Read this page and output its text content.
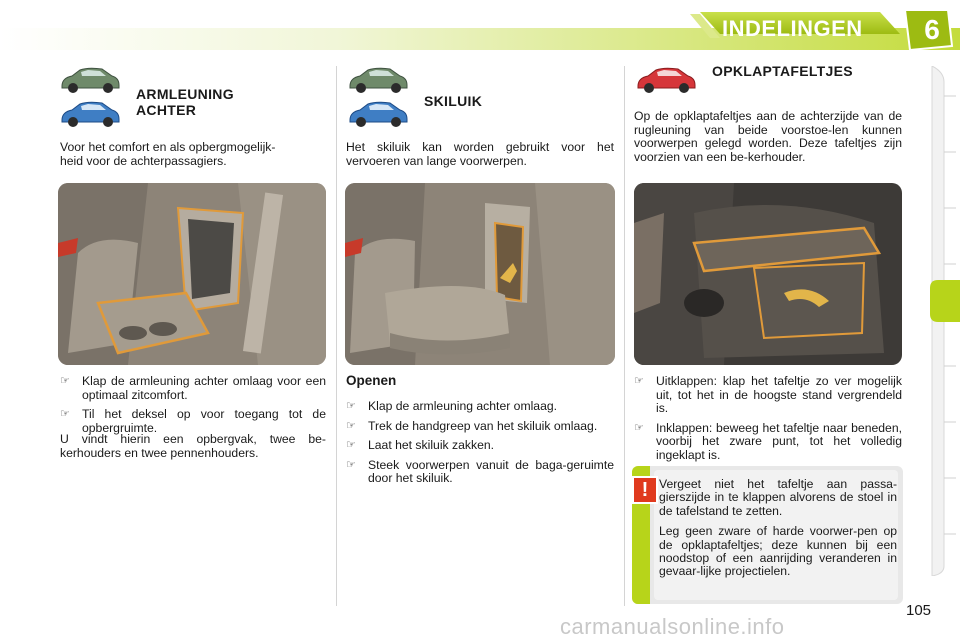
INDELINGEN	6
ARMLEUNING
ACHTER

Voor het comfort en als opbergmogelijk-

heid voor de achterpassagiers.

☞ Klap de armleuning achter omlaag voor een optimaal zitcomfort.
☞ Til het deksel op voor toegang tot de opbergruimte.
U vindt hierin een opbergvak, twee be-kerhouders en twee pennenhouders.
SKILUIK
Het skiluik kan worden gebruikt voor het vervoeren van lange voorwerpen.
Openen
☞ Klap de armleuning achter omlaag.
☞ Trek de handgreep van het skiluik omlaag.
☞ Laat het skiluik zakken.
☞ Steek voorwerpen vanuit de baga-geruimte door het skiluik.
OPKLAPTAFELTJES
Op de opklaptafeltjes aan de achterzijde van de rugleuning van beide voorstoe-len kunnen voorwerpen gelegd worden. Deze tafeltjes zijn voorzien van een be-kerhouder.
☞ Uitklappen: klap het tafeltje zo ver mogelijk uit, tot het in de hoogste stand vergrendeld is.
☞ Inklappen: beweeg het tafeltje naar beneden, voorbij het zware punt, tot het volledig ingeklapt is.
! Vergeet niet het tafeltje aan passa-gierszijde in te klappen alvorens de stoel in de tafelstand te zetten.

Leg geen zware of harde voorwer-pen op de opklaptafeltjes; deze kunnen bij een noodstop of een aanrijding veranderen in gevaar-lijke projectielen.

105
carmanualsonline.info
